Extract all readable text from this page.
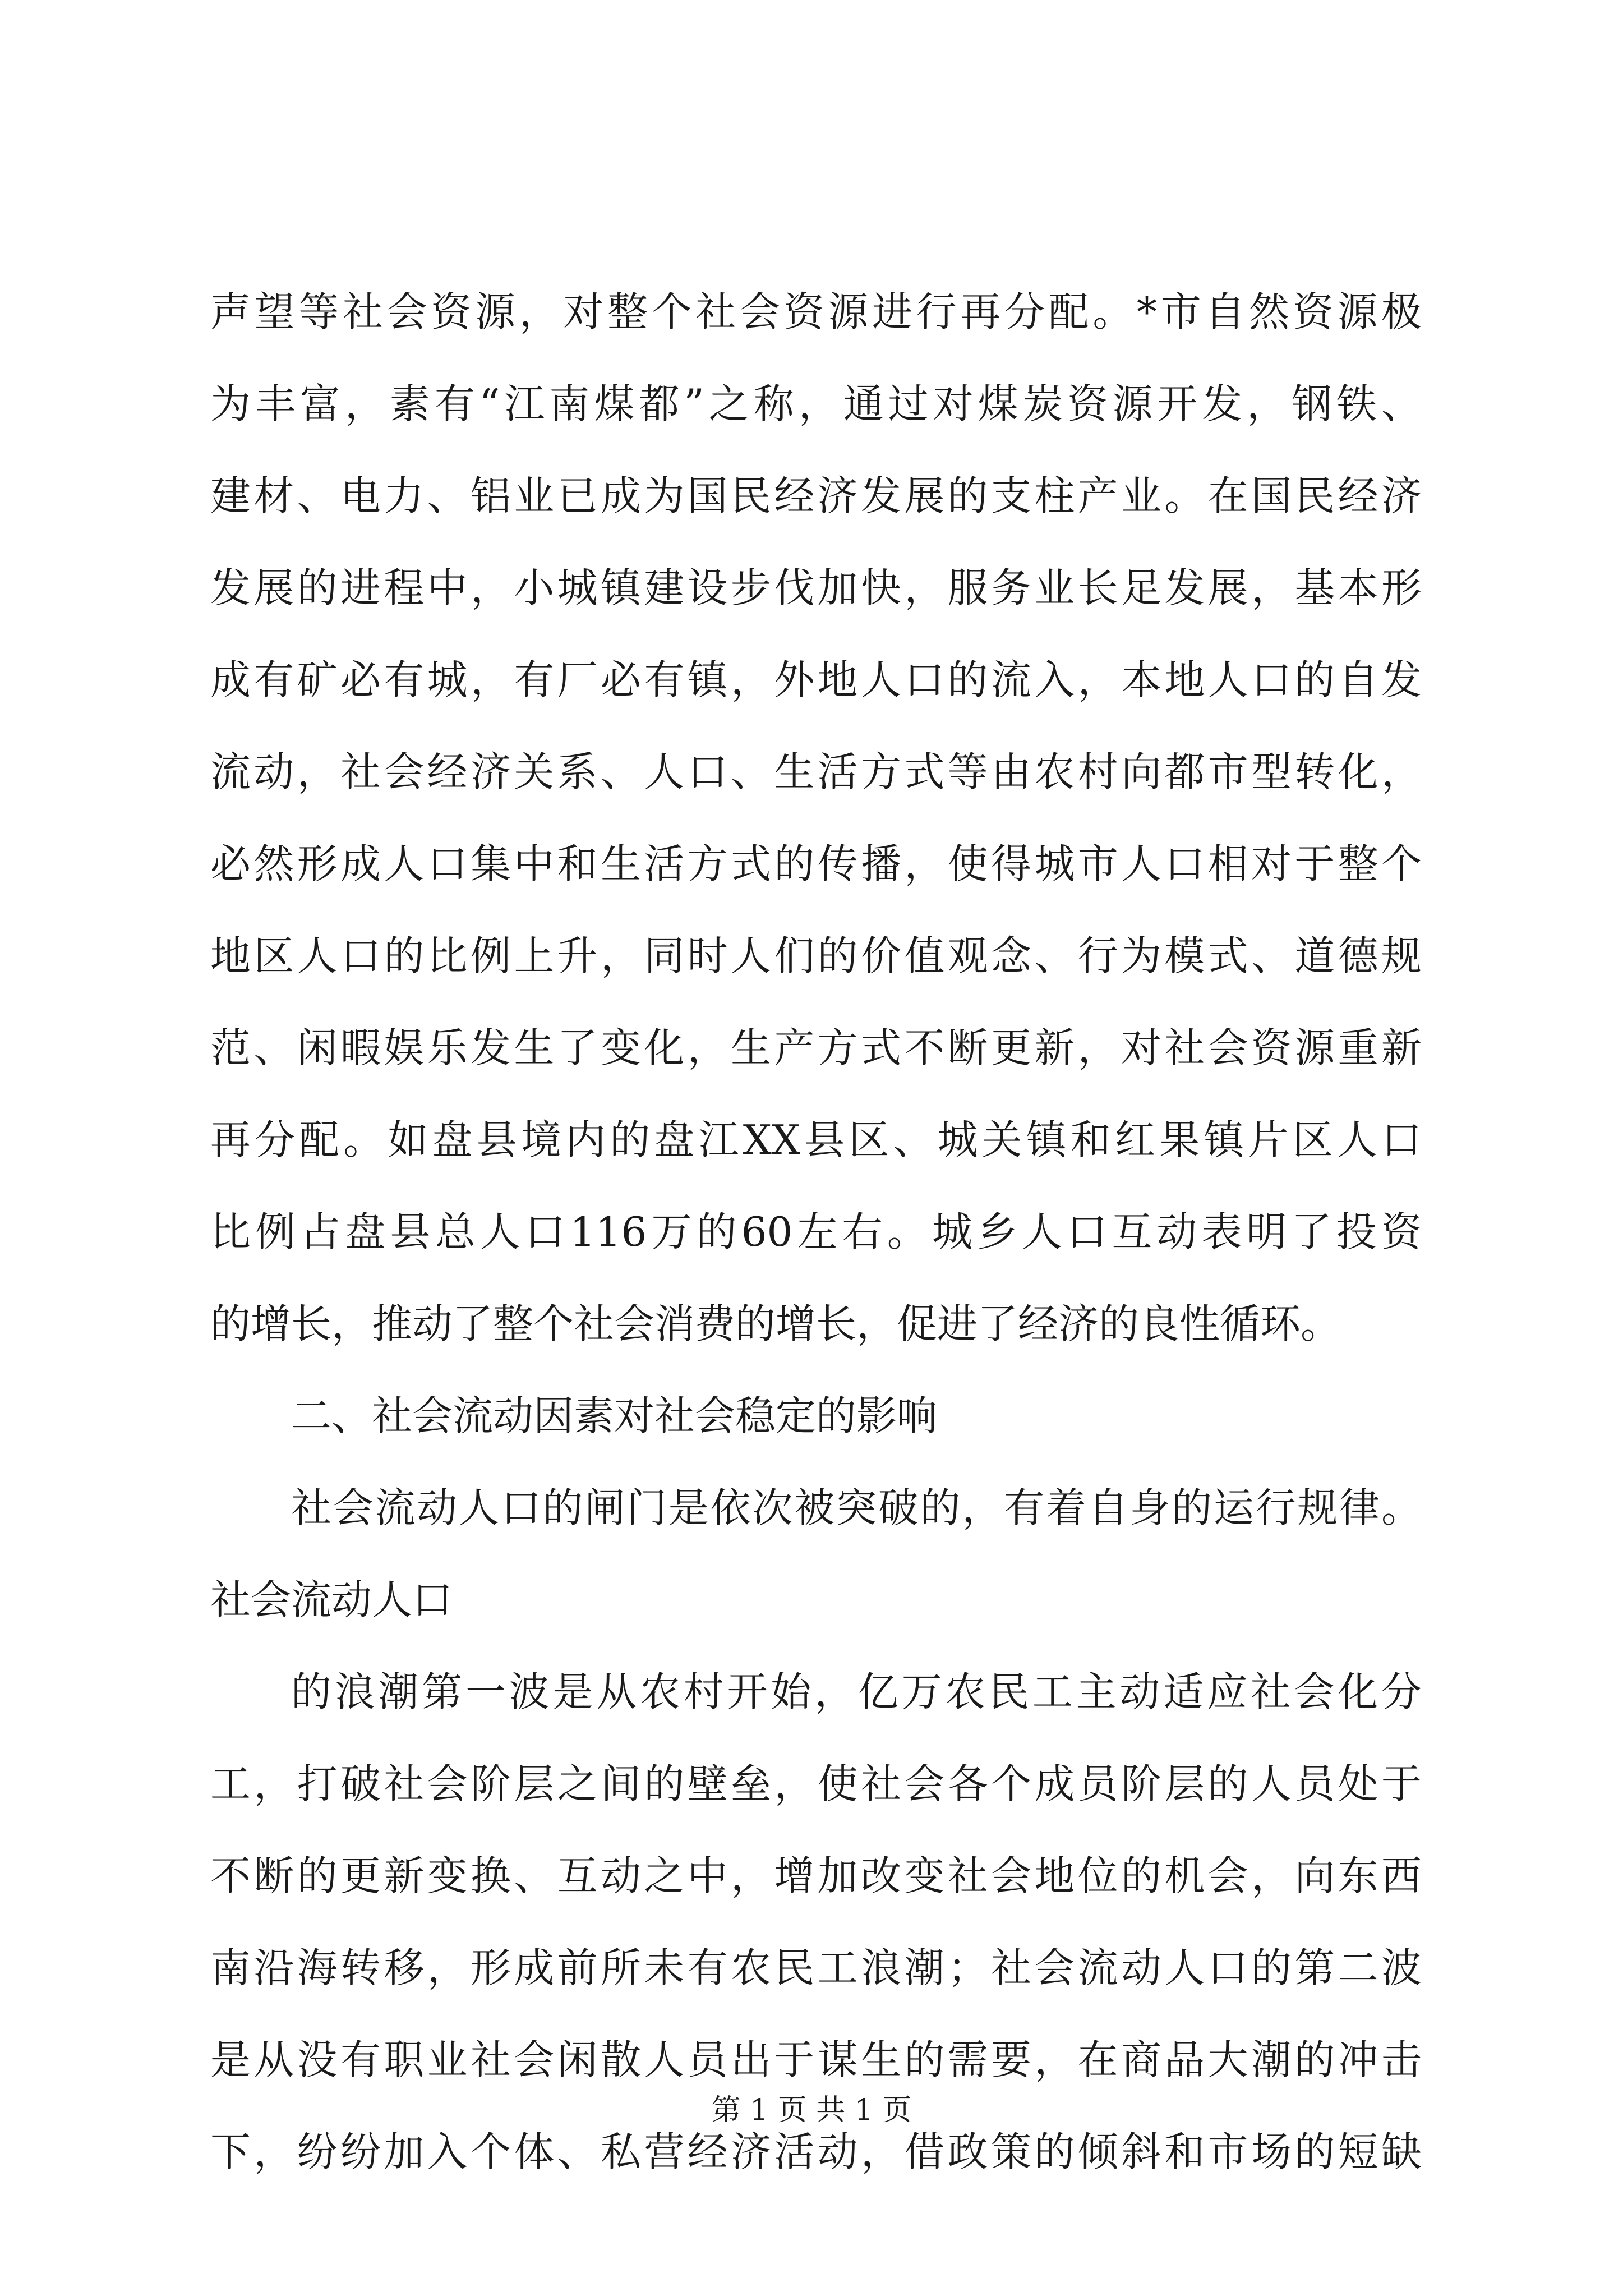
声望等社会资源，对整个社会资源进行再分配。*市自然资源极
为丰富，素有“江南煤都”之称，通过对煤炭资源开发，钢铁、
建材、电力、铝业已成为国民经济发展的支柱产业。在国民经济
发展的进程中，小城镇建设步伐加快，服务业长足发展，基本形
成有矿必有城，有厂必有镇，外地人口的流入，本地人口的自发
流动，社会经济关系、人口、生活方式等由农村向都市型转化，
必然形成人口集中和生活方式的传播，使得城市人口相对于整个
地区人口的比例上升，同时人们的价值观念、行为模式、道德规
范、闲暇娱乐发生了变化，生产方式不断更新，对社会资源重新
再分配。如盘县境内的盘江XX县区、城关镇和红果镇片区人口
比例占盘县总人口116万的60左右。城乡人口互动表明了投资
的增长，推动了整个社会消费的增长，促进了经济的良性循环。
二、社会流动因素对社会稳定的影响
社会流动人口的闸门是依次被突破的，有着自身的运行规律。
社会流动人口
的浪潮第一波是从农村开始，亿万农民工主动适应社会化分
工，打破社会阶层之间的壁垒，使社会各个成员阶层的人员处于
不断的更新变换、互动之中，增加改变社会地位的机会，向东西
南沿海转移，形成前所未有农民工浪潮；社会流动人口的第二波
是从没有职业社会闲散人员出于谋生的需要，在商品大潮的冲击
下，纷纷加入个体、私营经济活动，借政策的倾斜和市场的短缺
第 1 页 共 1 页
